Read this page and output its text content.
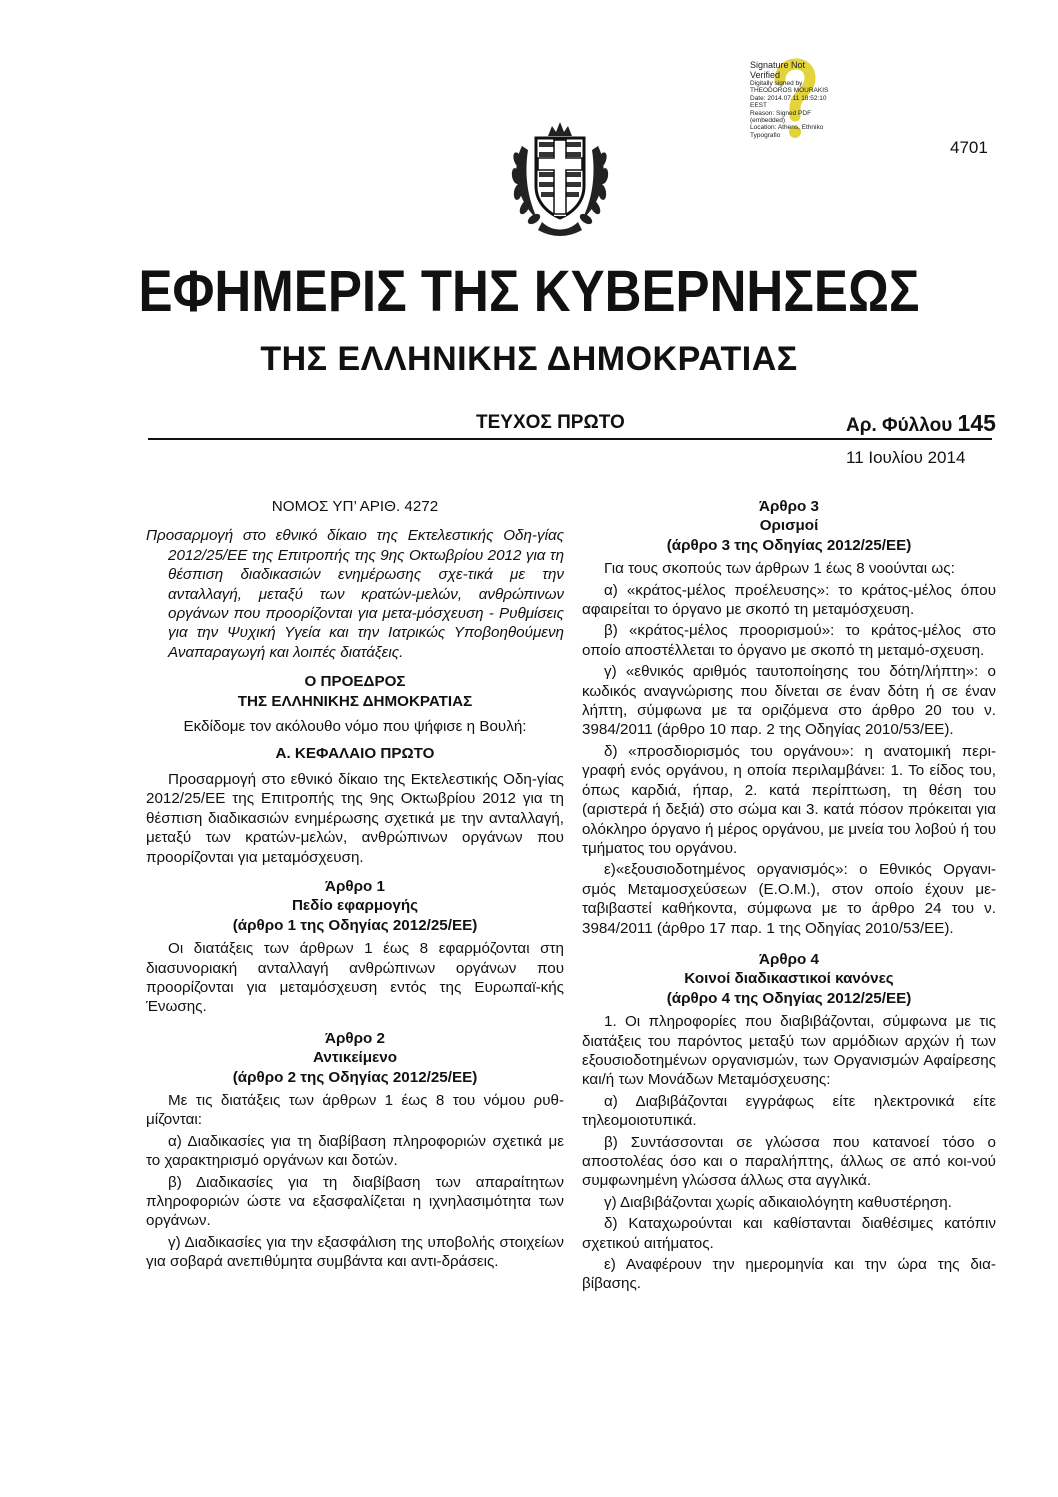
Signature Not
Verified
Digitally signed by
THEODOROS MOURAKIS
Date: 2014.07.11 18:52:10
EEST
Reason: Signed PDF
(embedded)
Location: Athens, Ethniko
Typografio
4701
ΕΦΗΜΕΡΙΣ ΤΗΣ ΚΥΒΕΡΝΗΣΕΩΣ
ΤΗΣ ΕΛΛΗΝΙΚΗΣ ΔΗΜΟΚΡΑΤΙΑΣ
ΤΕΥΧΟΣ ΠΡΩΤΟ	Αρ. Φύλλου 145
11 Ιουλίου 2014
ΝΟΜΟΣ ΥΠ’ ΑΡΙΘ. 4272

Προσαρμογή στο εθνικό δίκαιο της Εκτελεστικής Οδη-γίας 2012/25/ΕΕ της Επιτροπής της 9ης Οκτωβρίου 2012 για τη θέσπιση διαδικασιών ενημέρωσης σχε-τικά με την ανταλλαγή, μεταξύ των κρατών-μελών, ανθρώπινων οργάνων που προορίζονται για μετα-μόσχευση - Ρυθμίσεις για την Ψυχική Υγεία και την Ιατρικώς Υποβοηθούμενη Αναπαραγωγή και λοιπές διατάξεις.

Ο ΠΡΟΕΔΡΟΣ
ΤΗΣ ΕΛΛΗΝΙΚΗΣ ΔΗΜΟΚΡΑΤΙΑΣ
Εκδίδομε τον ακόλουθο νόμο που ψήφισε η Βουλή:
Α. ΚΕΦΑΛΑΙΟ ΠΡΩΤΟ

Προσαρμογή στο εθνικό δίκαιο της Εκτελεστικής Οδη-γίας 2012/25/ΕΕ της Επιτροπής της 9ης Οκτωβρίου 2012 για τη θέσπιση διαδικασιών ενημέρωσης σχετικά με την ανταλλαγή, μεταξύ των κρατών-μελών, ανθρώπινων οργάνων που προορίζονται για μεταμόσχευση.

Άρθρο 1
Πεδίο εφαρμογής
(άρθρο 1 της Οδηγίας 2012/25/ΕΕ)

Οι διατάξεις των άρθρων 1 έως 8 εφαρμόζονται στη διασυνοριακή ανταλλαγή ανθρώπινων οργάνων που προορίζονται για μεταμόσχευση εντός της Ευρωπαϊ-κής Ένωσης.

Άρθρο 2
Αντικείμενο
(άρθρο 2 της Οδηγίας 2012/25/ΕΕ)

Με τις διατάξεις των άρθρων 1 έως 8 του νόμου ρυθ-μίζονται:

α) Διαδικασίες για τη διαβίβαση πληροφοριών σχετικά με το χαρακτηρισμό οργάνων και δοτών.

β) Διαδικασίες για τη διαβίβαση των απαραίτητων πληροφοριών ώστε να εξασφαλίζεται η ιχνηλασιμότητα των οργάνων.

γ) Διαδικασίες για την εξασφάλιση της υποβολής στοιχείων για σοβαρά ανεπιθύμητα συμβάντα και αντι-δράσεις.

Άρθρο 3
Ορισμοί
(άρθρο 3 της Οδηγίας 2012/25/ΕΕ)

Για τους σκοπούς των άρθρων 1 έως 8 νοούνται ως:

α) «κράτος-μέλος προέλευσης»: το κράτος-μέλος όπου αφαιρείται το όργανο με σκοπό τη μεταμόσχευση.

β) «κράτος-μέλος προορισμού»: το κράτος-μέλος στο οποίο αποστέλλεται το όργανο με σκοπό τη μεταμό-σχευση.

γ) «εθνικός αριθμός ταυτοποίησης του δότη/λήπτη»: ο κωδικός αναγνώρισης που δίνεται σε έναν δότη ή σε έναν λήπτη, σύμφωνα με τα οριζόμενα στο άρθρο 20 του ν. 3984/2011 (άρθρο 10 παρ. 2 της Οδηγίας 2010/53/ΕΕ).

δ) «προσδιορισμός του οργάνου»: η ανατομική περι-γραφή ενός οργάνου, η οποία περιλαμβάνει: 1. Το είδος του, όπως καρδιά, ήπαρ, 2. κατά περίπτωση, τη θέση του (αριστερά ή δεξιά) στο σώμα και 3. κατά πόσον πρόκειται για ολόκληρο όργανο ή μέρος οργάνου, με μνεία του λοβού ή του τμήματος του οργάνου.

ε)«εξουσιοδοτημένος οργανισμός»: ο Εθνικός Οργανι-σμός Μεταμοσχεύσεων (Ε.Ο.Μ.), στον οποίο έχουν με-ταβιβαστεί καθήκοντα, σύμφωνα με το άρθρο 24 του ν. 3984/2011 (άρθρο 17 παρ. 1 της Οδηγίας 2010/53/ΕΕ).

Άρθρο 4
Κοινοί διαδικαστικοί κανόνες
(άρθρο 4 της Οδηγίας 2012/25/ΕΕ)

1. Οι πληροφορίες που διαβιβάζονται, σύμφωνα με τις διατάξεις του παρόντος μεταξύ των αρμόδιων αρχών ή των εξουσιοδοτημένων οργανισμών, των Οργανισμών Αφαίρεσης και/ή των Μονάδων Μεταμόσχευσης:

α) Διαβιβάζονται εγγράφως είτε ηλεκτρονικά είτε τηλεομοιοτυπικά.

β) Συντάσσονται σε γλώσσα που κατανοεί τόσο ο αποστολέας όσο και ο παραλήπτης, άλλως σε από κοι-νού συμφωνημένη γλώσσα άλλως στα αγγλικά.

γ) Διαβιβάζονται χωρίς αδικαιολόγητη καθυστέρηση.

δ) Καταχωρούνται και καθίστανται διαθέσιμες κατόπιν σχετικού αιτήματος.

ε) Αναφέρουν την ημερομηνία και την ώρα της δια-βίβασης.
